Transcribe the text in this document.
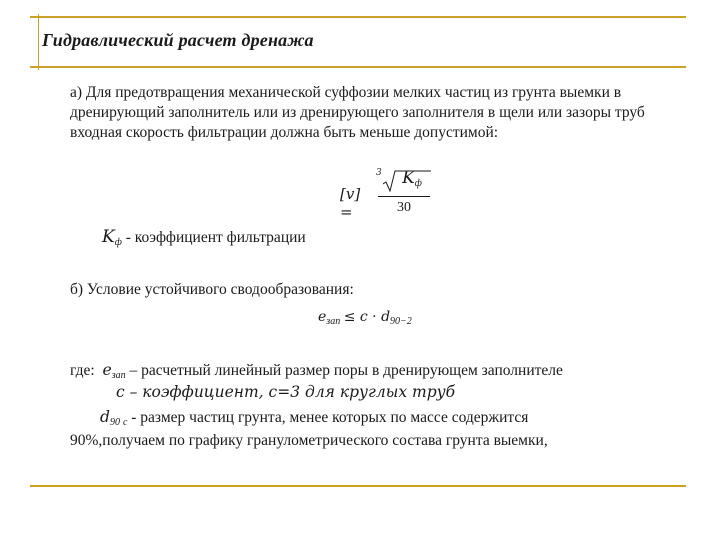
Гидравлический расчет дренажа
а) Для предотвращения механической суффозии мелких частиц из грунта выемки в дренирующий заполнитель или из дренирующего заполнителя в щели или зазоры труб входная скорость фильтрации должна быть меньше допустимой:
[v] =
3	$K_ф$
30
$K_ф$ - коэффициент фильтрации
б) Условие устойчивого сводообразования:
$e_{зап} \le c \cdot d_{90-2}$
где: $e_{зап}$ – расчетный линейный размер поры в дренирующем заполнителе
c – коэффициент, c=3 для круглых труб
$d_{90}$ $_с$ - размер частиц грунта, менее которых по массе содержится
90%,получаем по графику гранулометрического состава грунта выемки,
